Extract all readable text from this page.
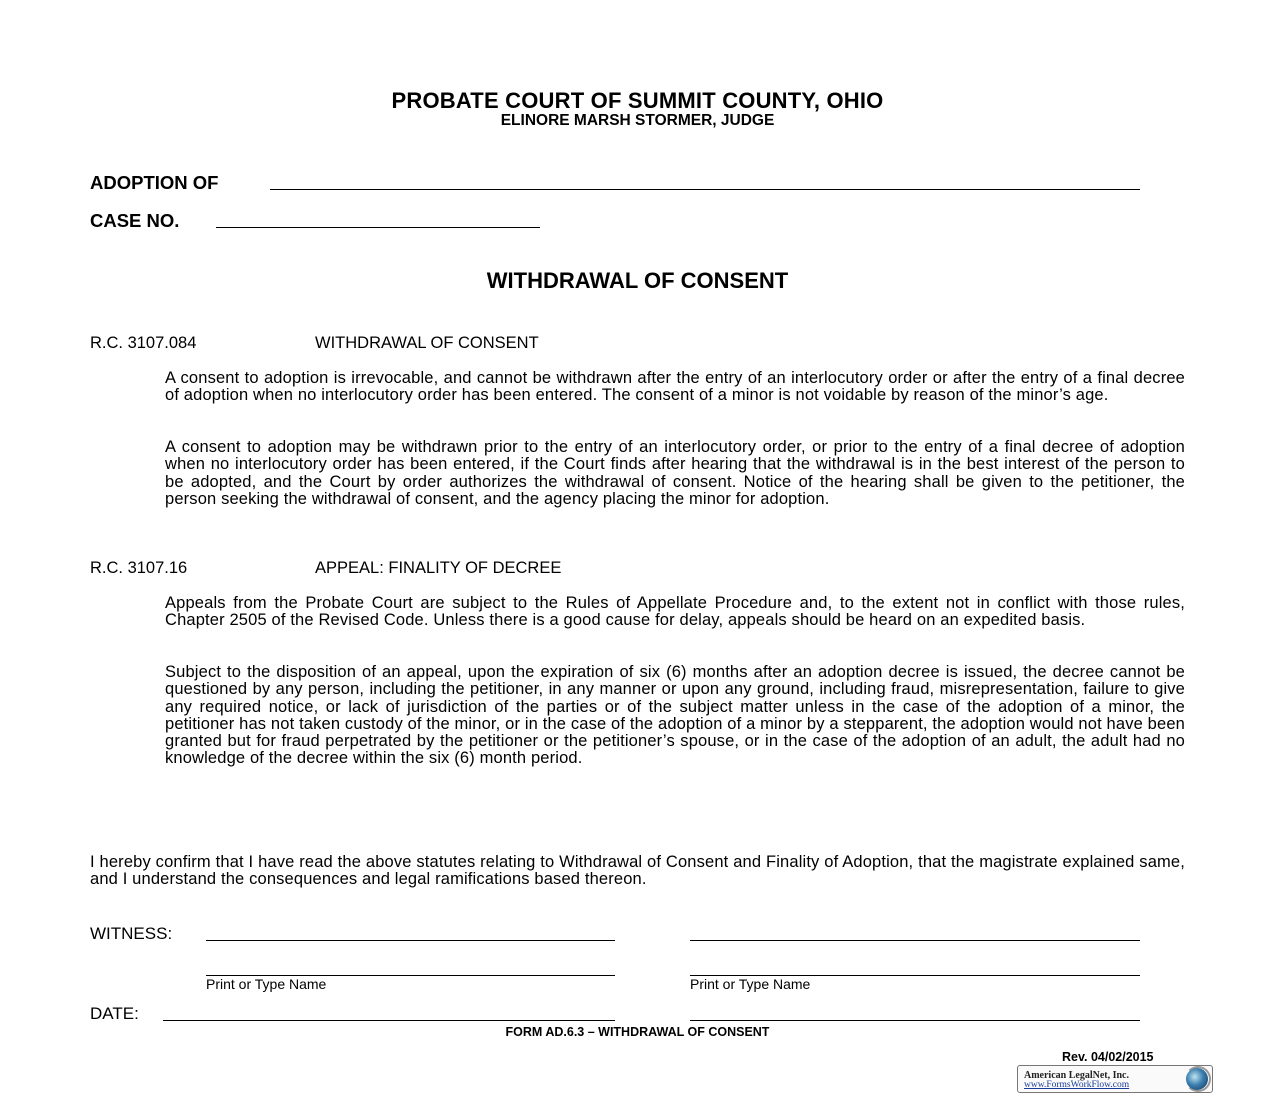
PROBATE COURT OF SUMMIT COUNTY, OHIO
ELINORE MARSH STORMER, JUDGE
ADOPTION OF
CASE NO.
WITHDRAWAL OF CONSENT
R.C. 3107.084	WITHDRAWAL OF CONSENT
A consent to adoption is irrevocable, and cannot be withdrawn after the entry of an interlocutory order or after the entry of a final decree of adoption when no interlocutory order has been entered. The consent of a minor is not voidable by reason of the minor’s age.
A consent to adoption may be withdrawn prior to the entry of an interlocutory order, or prior to the entry of a final decree of adoption when no interlocutory order has been entered, if the Court finds after hearing that the withdrawal is in the best interest of the person to be adopted, and the Court by order authorizes the withdrawal of consent. Notice of the hearing shall be given to the petitioner, the person seeking the withdrawal of consent, and the agency placing the minor for adoption.
R.C. 3107.16	APPEAL: FINALITY OF DECREE
Appeals from the Probate Court are subject to the Rules of Appellate Procedure and, to the extent not in conflict with those rules, Chapter 2505 of the Revised Code. Unless there is a good cause for delay, appeals should be heard on an expedited basis.
Subject to the disposition of an appeal, upon the expiration of six (6) months after an adoption decree is issued, the decree cannot be questioned by any person, including the petitioner, in any manner or upon any ground, including fraud, misrepresentation, failure to give any required notice, or lack of jurisdiction of the parties or of the subject matter unless in the case of the adoption of a minor, the petitioner has not taken custody of the minor, or in the case of the adoption of a minor by a stepparent, the adoption would not have been granted but for fraud perpetrated by the petitioner or the petitioner’s spouse, or in the case of the adoption of an adult, the adult had no knowledge of the decree within the six (6) month period.
I hereby confirm that I have read the above statutes relating to Withdrawal of Consent and Finality of Adoption, that the magistrate explained same, and I understand the consequences and legal ramifications based thereon.
WITNESS:
Print or Type Name	Print or Type Name
DATE:
FORM AD.6.3 – WITHDRAWAL OF CONSENT
Rev. 04/02/2015
American LegalNet, Inc.
www.FormsWorkFlow.com
